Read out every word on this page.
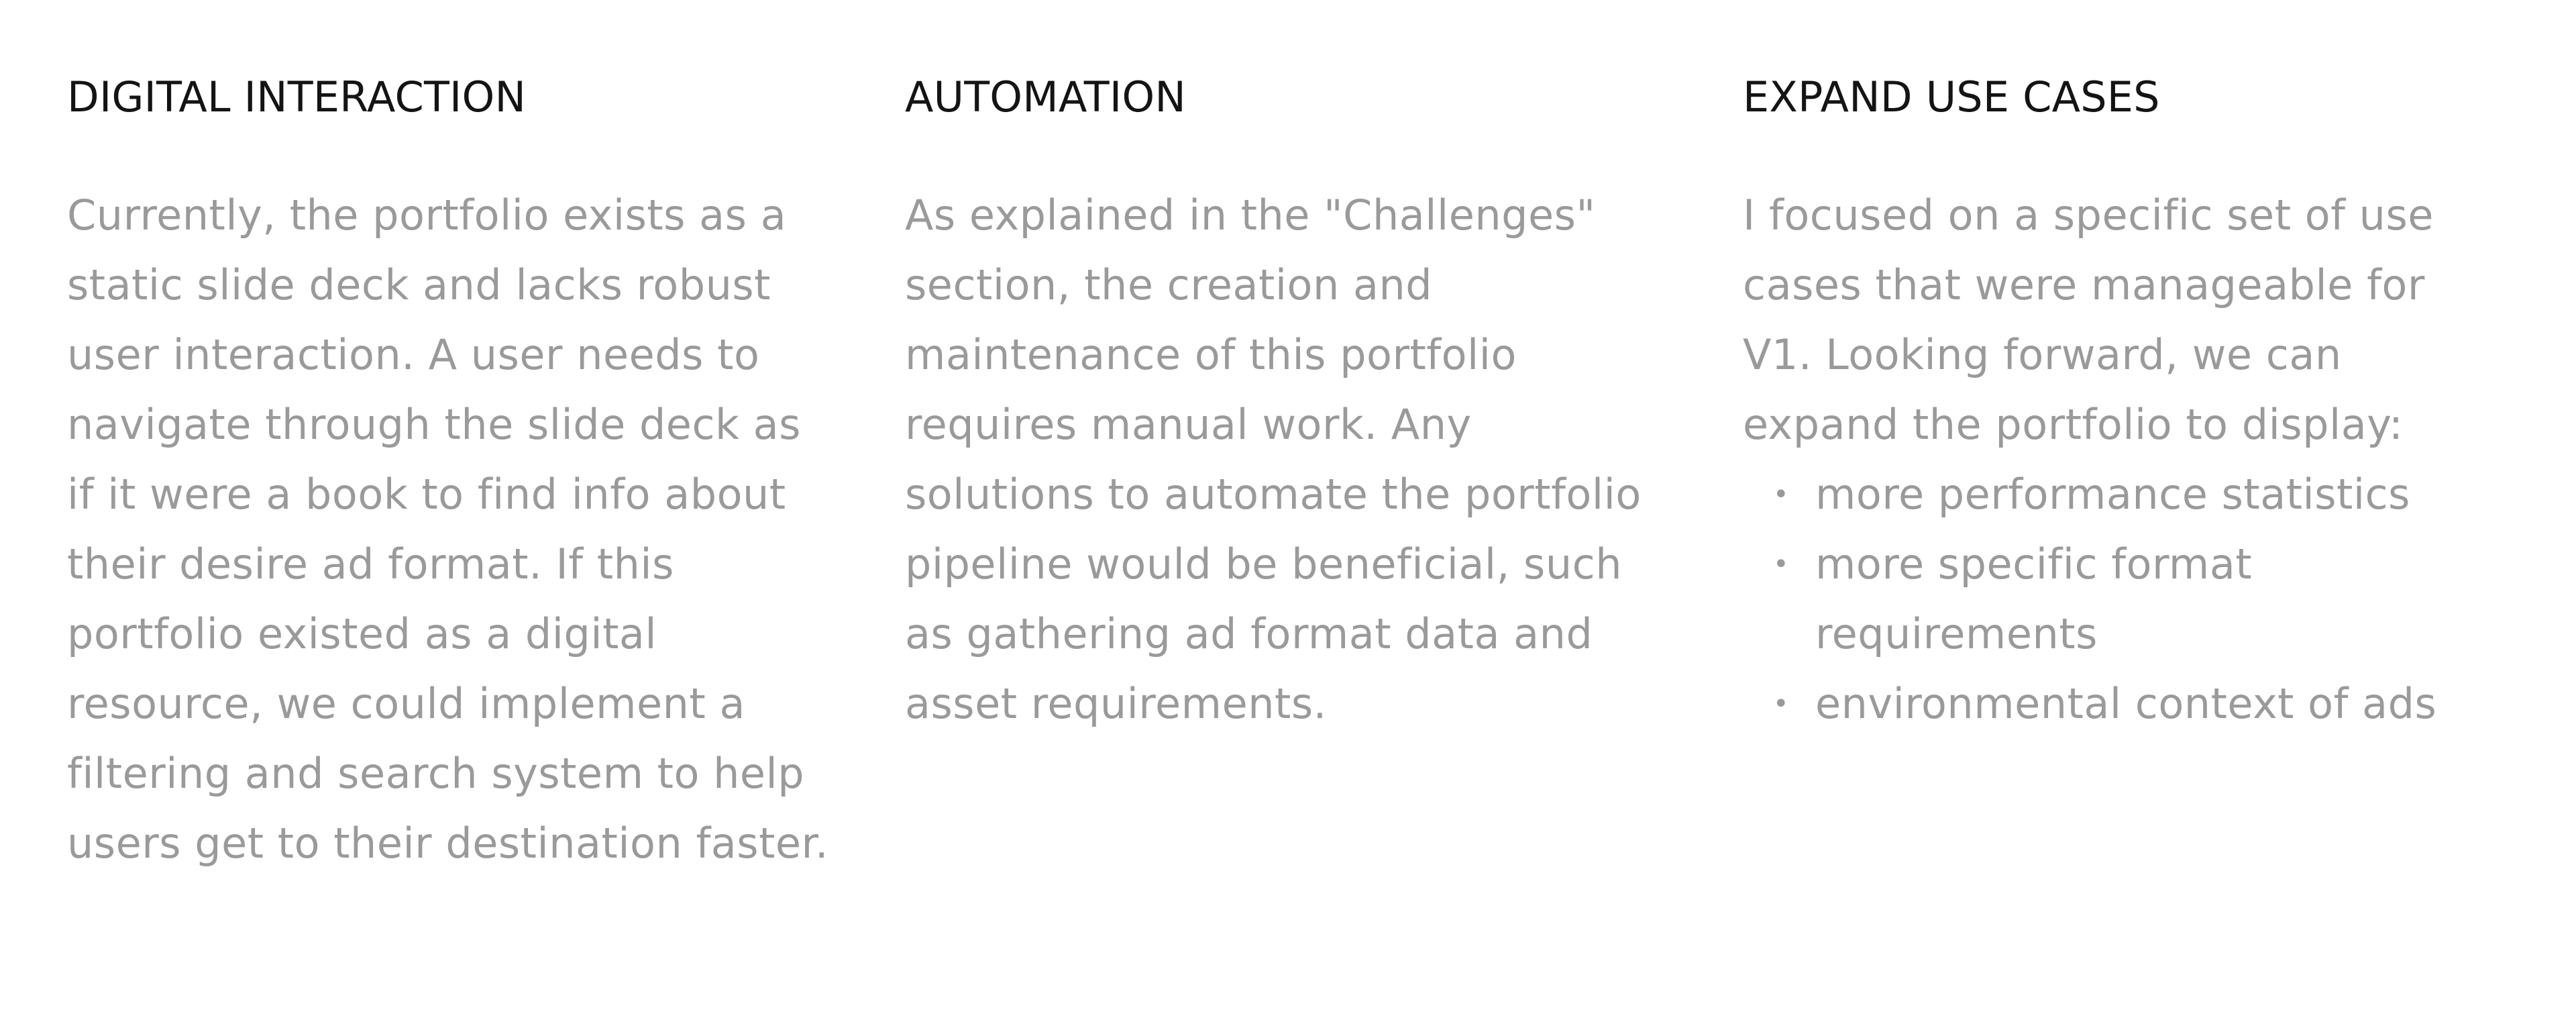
DIGITAL INTERACTION

Currently, the portfolio exists as a static slide deck and lacks robust user interaction. A user needs to navigate through the slide deck as if it were a book to find info about their desire ad format. If this portfolio existed as a digital resource, we could implement a filtering and search system to help users get to their destination faster.

AUTOMATION

As explained in the "Challenges" section, the creation and maintenance of this portfolio requires manual work. Any solutions to automate the portfolio pipeline would be beneficial, such as gathering ad format data and asset requirements.

EXPAND USE CASES

I focused on a specific set of use cases that were manageable for V1. Looking forward, we can expand the portfolio to display:

• more performance statistics
• more specific format requirements
• environmental context of ads
